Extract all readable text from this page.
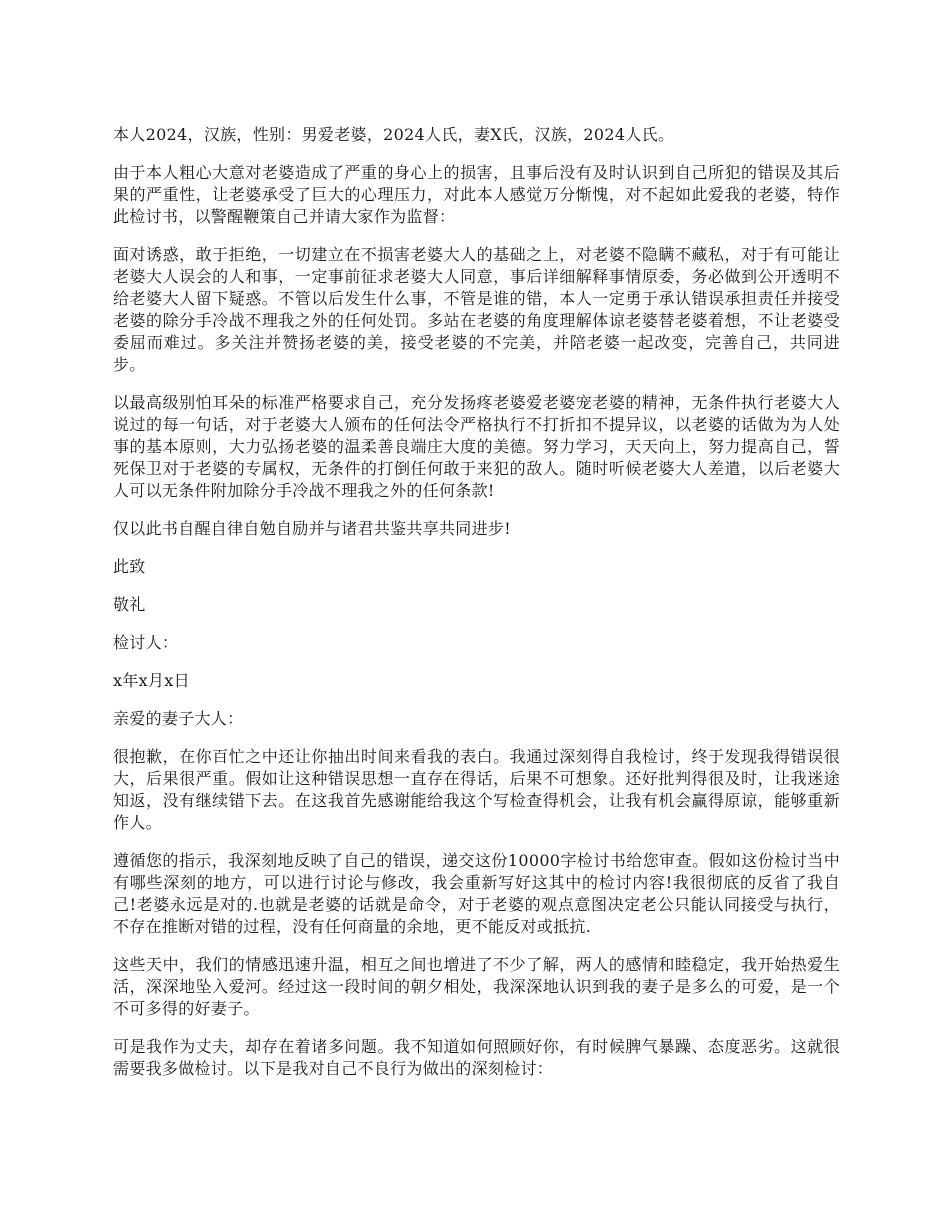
本人2024，汉族，性别：男爱老婆，2024人氏，妻X氏，汉族，2024人氏。

由于本人粗心大意对老婆造成了严重的身心上的损害，且事后没有及时认识到自己所犯的错误及其后果的严重性，让老婆承受了巨大的心理压力，对此本人感觉万分惭愧，对不起如此爱我的老婆，特作此检讨书，以警醒鞭策自己并请大家作为监督：

面对诱惑，敢于拒绝，一切建立在不损害老婆大人的基础之上，对老婆不隐瞒不藏私，对于有可能让老婆大人误会的人和事，一定事前征求老婆大人同意，事后详细解释事情原委，务必做到公开透明不给老婆大人留下疑惑。不管以后发生什么事，不管是谁的错，本人一定勇于承认错误承担责任并接受老婆的除分手冷战不理我之外的任何处罚。多站在老婆的角度理解体谅老婆替老婆着想，不让老婆受委屈而难过。多关注并赞扬老婆的美，接受老婆的不完美，并陪老婆一起改变，完善自己，共同进步。

以最高级别怕耳朵的标准严格要求自己，充分发扬疼老婆爱老婆宠老婆的精神，无条件执行老婆大人说过的每一句话，对于老婆大人颁布的任何法令严格执行不打折扣不提异议，以老婆的话做为为人处事的基本原则，大力弘扬老婆的温柔善良端庄大度的美德。努力学习，天天向上，努力提高自己，誓死保卫对于老婆的专属权，无条件的打倒任何敢于来犯的敌人。随时听候老婆大人差遣，以后老婆大人可以无条件附加除分手冷战不理我之外的任何条款!

仅以此书自醒自律自勉自励并与诸君共鉴共享共同进步!

此致

敬礼

检讨人：

x年x月x日

亲爱的妻子大人：

很抱歉，在你百忙之中还让你抽出时间来看我的表白。我通过深刻得自我检讨，终于发现我得错误很大，后果很严重。假如让这种错误思想一直存在得话，后果不可想象。还好批判得很及时，让我迷途知返，没有继续错下去。在这我首先感谢能给我这个写检查得机会，让我有机会赢得原谅，能够重新作人。

遵循您的指示，我深刻地反映了自己的错误，递交这份10000字检讨书给您审查。假如这份检讨当中有哪些深刻的地方，可以进行讨论与修改，我会重新写好这其中的检讨内容!我很彻底的反省了我自己!老婆永远是对的.也就是老婆的话就是命令，对于老婆的观点意图决定老公只能认同接受与执行，不存在推断对错的过程，没有任何商量的余地，更不能反对或抵抗.

这些天中，我们的情感迅速升温，相互之间也增进了不少了解，两人的感情和睦稳定，我开始热爱生活，深深地坠入爱河。经过这一段时间的朝夕相处，我深深地认识到我的妻子是多么的可爱，是一个不可多得的好妻子。

可是我作为丈夫，却存在着诸多问题。我不知道如何照顾好你，有时候脾气暴躁、态度恶劣。这就很需要我多做检讨。以下是我对自己不良行为做出的深刻检讨：
